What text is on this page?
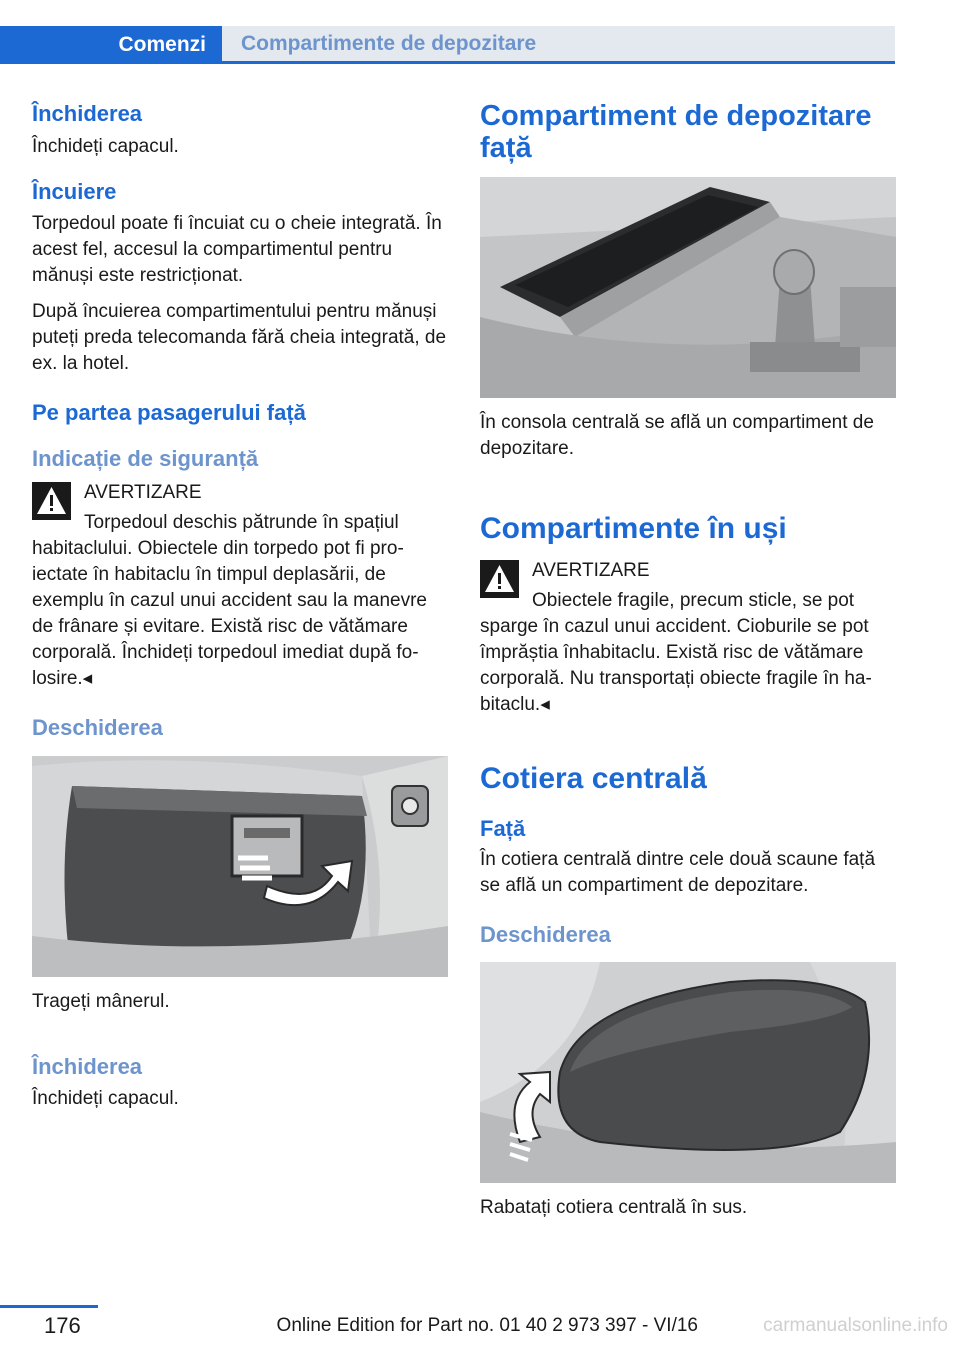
Comenzi	Compartimente de depozitare
Închiderea

Închideți capacul.

Încuiere

Torpedoul poate fi încuiat cu o cheie integrată. În acest fel, accesul la compartimentul pentru mănuși este restricționat.

După încuierea compartimentului pentru mănuși puteți preda telecomanda fără cheia integrată, de ex. la hotel.

Pe partea pasagerului față
Indicație de siguranță

AVERTIZARE

Torpedoul deschis pătrunde în spațiul

habitaclului. Obiectele din torpedo pot fi proiectate în habitaclu în timpul deplasării, de exemplu în cazul unui accident sau la manevre de frânare și evitare. Există risc de vătămare corporală. Închideți torpedoul imediat după folosire.◂

Deschiderea

Trageți mânerul.

Închiderea

Închideți capacul.

Compartiment de depozitare față

În consola centrală se află un compartiment de depozitare.

Compartimente în uși

AVERTIZARE

Obiectele fragile, precum sticle, se pot

sparge în cazul unui accident. Cioburile se pot împrăștia înhabitaclu. Există risc de vătămare corporală. Nu transportați obiecte fragile în habitaclu.◂

Cotiera centrală
Față

În cotiera centrală dintre cele două scaune față se află un compartiment de depozitare.

Deschiderea

Rabatați cotiera centrală în sus.

176	Online Edition for Part no. 01 40 2 973 397 - VI/16	carmanualsonline.info
